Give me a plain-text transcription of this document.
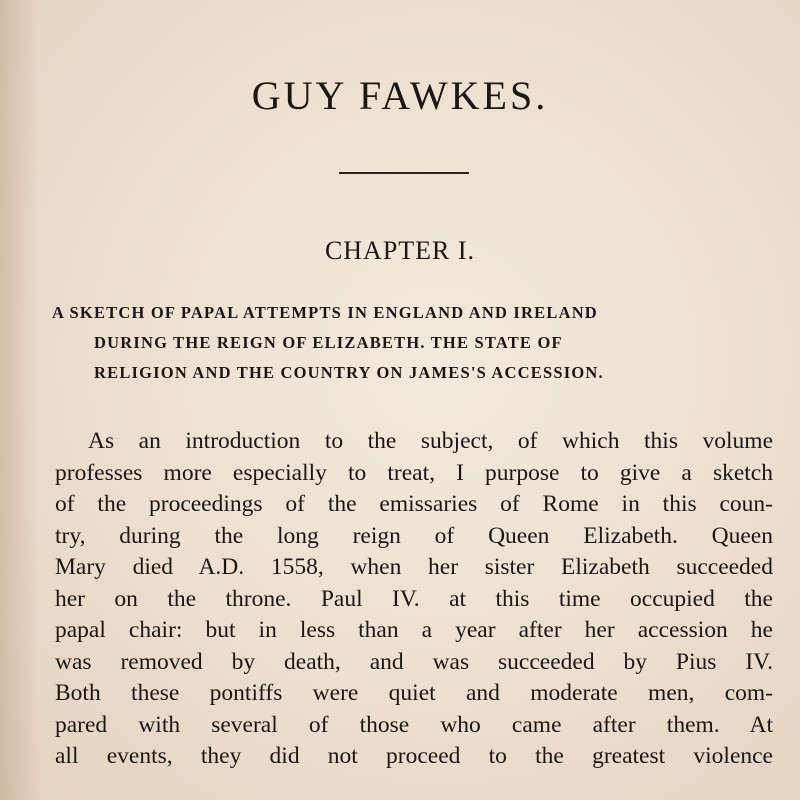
GUY FAWKES.
CHAPTER I.
A SKETCH OF PAPAL ATTEMPTS IN ENGLAND AND IRELAND
DURING THE REIGN OF ELIZABETH. THE STATE OF
RELIGION AND THE COUNTRY ON JAMES'S ACCESSION.
As an introduction to the subject, of which this volume
professes more especially to treat, I purpose to give a sketch
of the proceedings of the emissaries of Rome in this coun-
try, during the long reign of Queen Elizabeth. Queen
Mary died A.D. 1558, when her sister Elizabeth succeeded
her on the throne. Paul IV. at this time occupied the
papal chair: but in less than a year after her accession he
was removed by death, and was succeeded by Pius IV.
Both these pontiffs were quiet and moderate men, com-
pared with several of those who came after them. At
all events, they did not proceed to the greatest violence
